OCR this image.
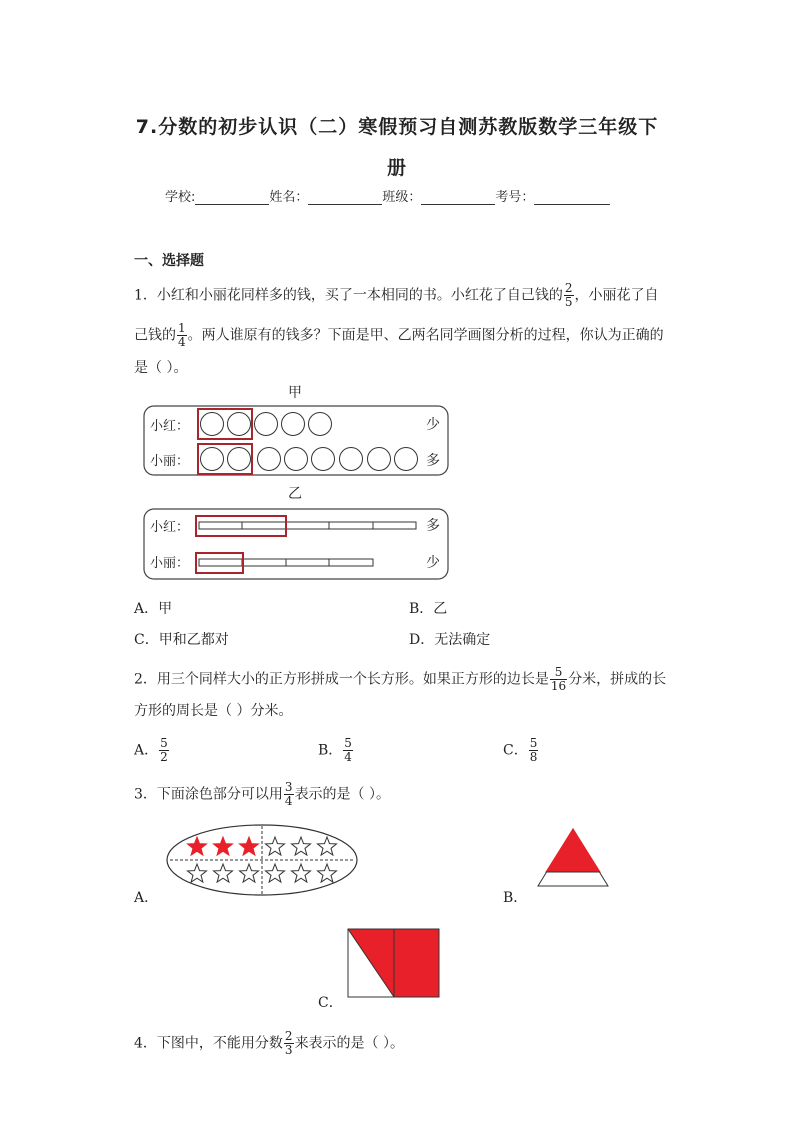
7.分数的初步认识（二）寒假预习自测苏教版数学三年级下
册
学校:	姓名：	班级：	考号：
一、选择题
1．小红和小丽花同样多的钱，买了一本相同的书。小红花了自己钱的 $\frac{2}{5}$ ，小丽花了自
己钱的 $\frac{1}{4}$ 。两人谁原有的钱多？下面是甲、乙两名同学画图分析的过程，你认为正确的
是（ ）。
甲
小红：
小丽：
少
多
乙
小红：
小丽：
多
少
A．甲	B．乙
C．甲和乙都对	D．无法确定
2．用三个同样大小的正方形拼成一个长方形。如果正方形的边长是 $\frac{5}{16}$ 分米，拼成的长
方形的周长是（ ）分米。
A． $\frac{5}{2}$	B． $\frac{5}{4}$	C． $\frac{5}{8}$
3．下面涂色部分可以用 $\frac{3}{4}$ 表示的是（ ）。
A．	B．
C．
4．下图中，不能用分数 $\frac{2}{3}$ 来表示的是（ ）。
